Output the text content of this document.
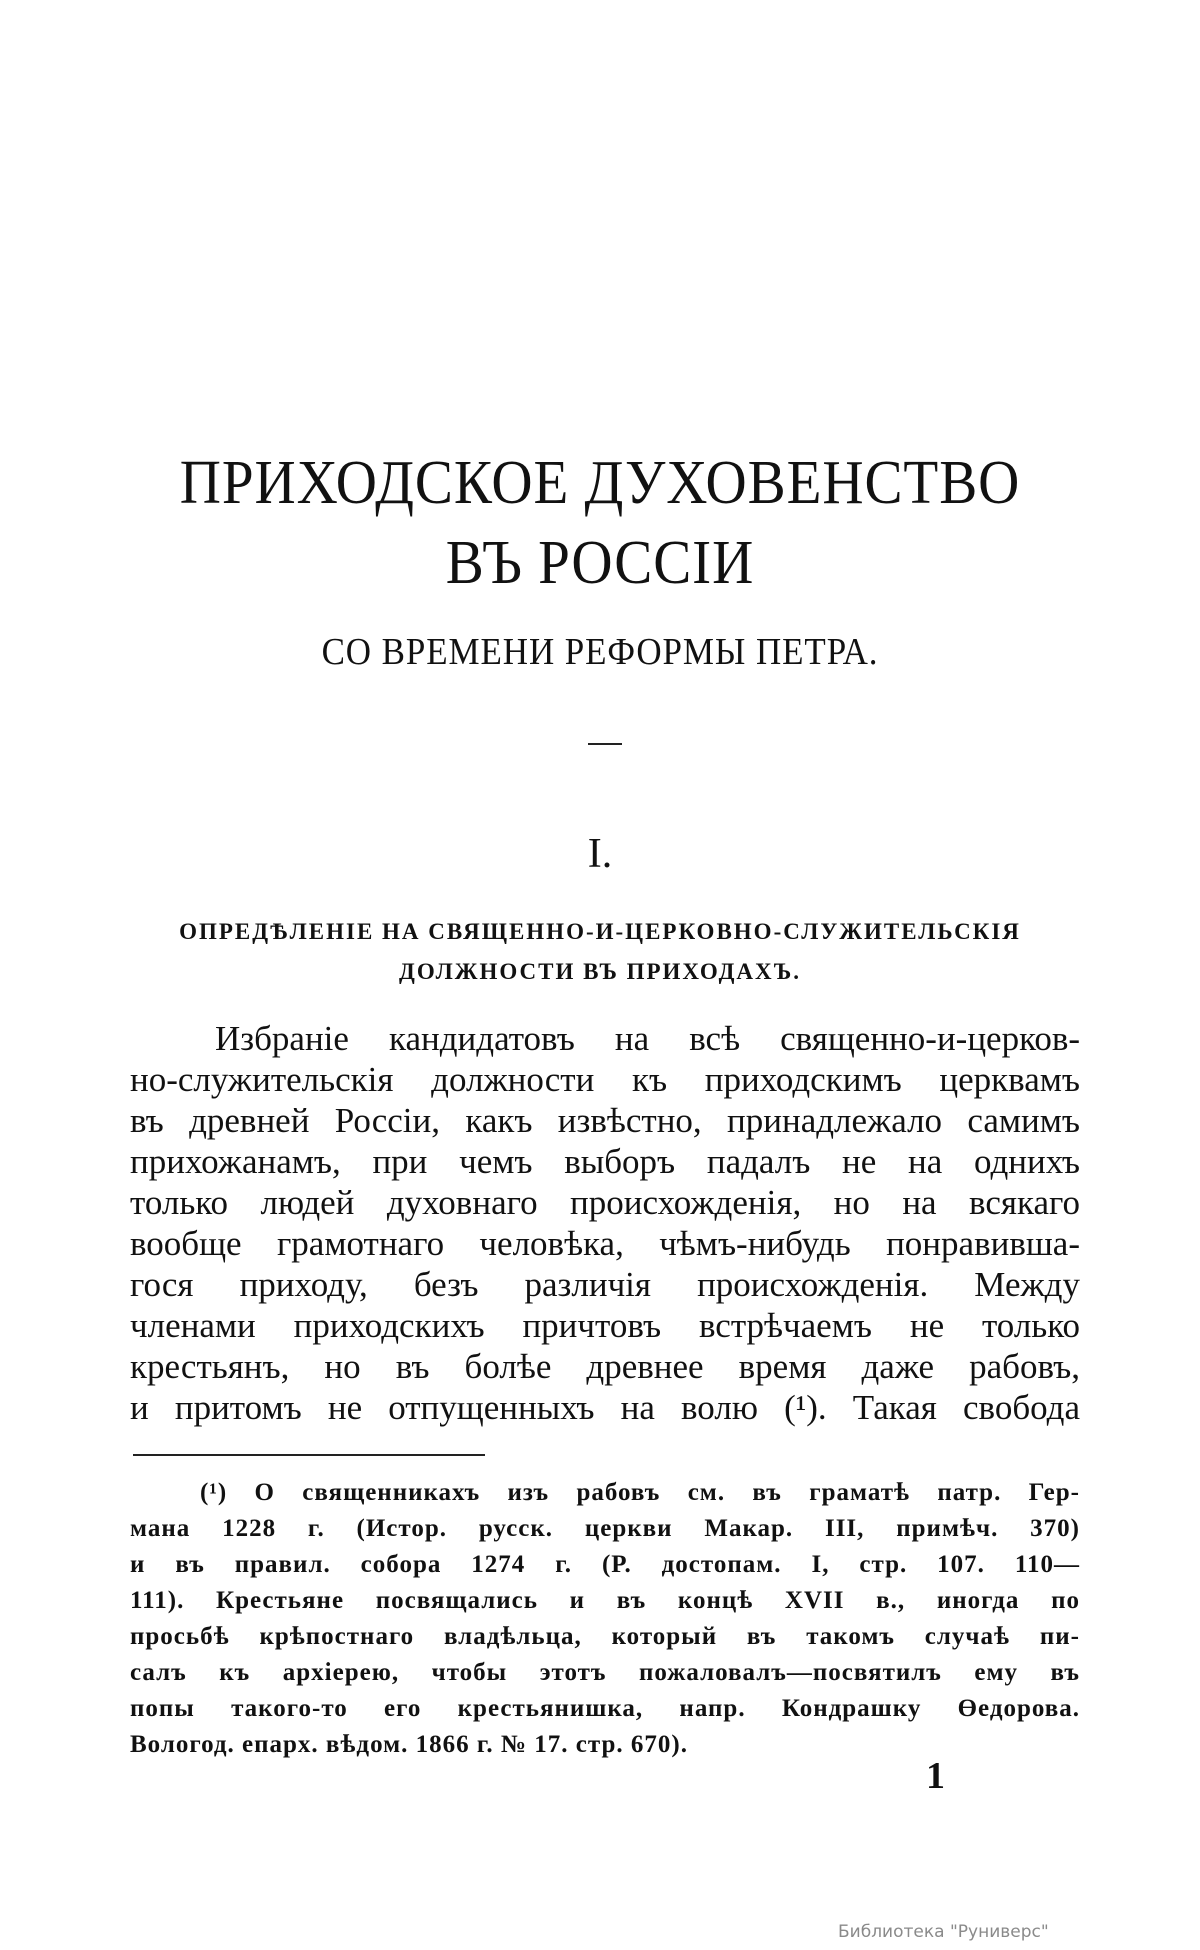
ПРИХОДСКОЕ ДУХОВЕНСТВО
ВЪ РОССІИ
СО ВРЕМЕНИ РЕФОРМЫ ПЕТРА.
I.
ОПРЕДѢЛЕНІЕ НА СВЯЩЕННО-И-ЦЕРКОВНО-СЛУЖИТЕЛЬСКІЯ
ДОЛЖНОСТИ ВЪ ПРИХОДАХЪ.
Избраніе кандидатовъ на всѣ священно-и-церков-
но-служительскія должности къ приходскимъ церквамъ
въ древней Россіи, какъ извѣстно, принадлежало самимъ
прихожанамъ, при чемъ выборъ падалъ не на однихъ
только людей духовнаго происхожденія, но на всякаго
вообще грамотнаго человѣка, чѣмъ-нибудь понравивша-
гося приходу, безъ различія происхожденія. Между
членами приходскихъ причтовъ встрѣчаемъ не только
крестьянъ, но въ болѣе древнее время даже рабовъ,
и притомъ не отпущенныхъ на волю (¹). Такая свобода
(¹) О священникахъ изъ рабовъ см. въ граматѣ патр. Гер-
мана 1228 г. (Истор. русск. церкви Макар. III, примѣч. 370)
и въ правил. собора 1274 г. (Р. достопам. I, стр. 107. 110—
111). Крестьяне посвящались и въ концѣ XVII в., иногда по
просьбѣ крѣпостнаго владѣльца, который въ такомъ случаѣ пи-
салъ къ архіерею, чтобы этотъ пожаловалъ—посвятилъ ему въ
попы такого-то его крестьянишка, напр. Кондрашку Өедорова.
Вологод. епарх. вѣдом. 1866 г. № 17. стр. 670).
1
Библиотека "Руниверс"
